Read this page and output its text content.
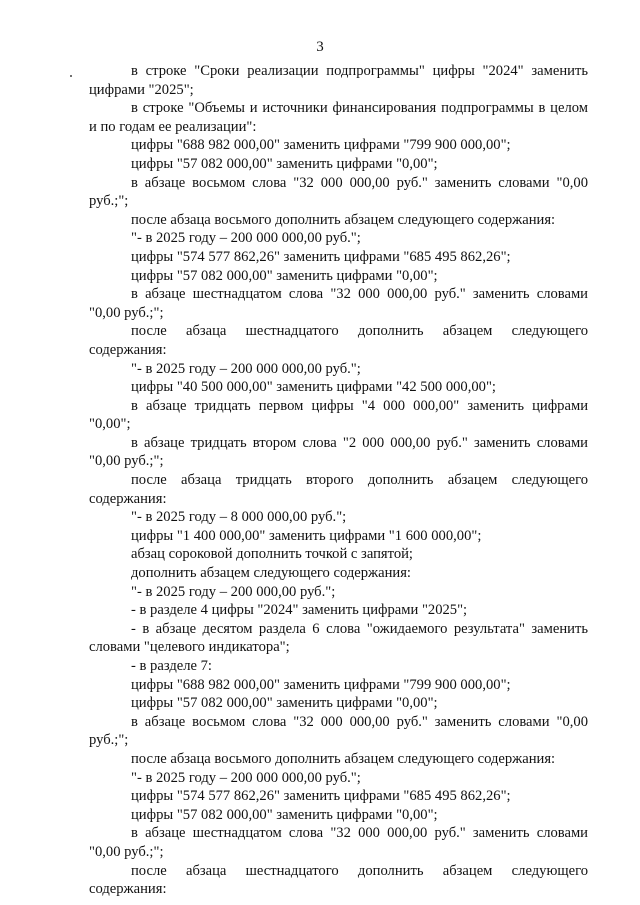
3

в строке "Сроки реализации подпрограммы" цифры "2024" заменить цифрами "2025";

в строке "Объемы и источники финансирования подпрограммы в целом и по годам ее реализации":

цифры "688 982 000,00" заменить цифрами "799 900 000,00";

цифры "57 082 000,00" заменить цифрами "0,00";

в абзаце восьмом слова "32 000 000,00 руб." заменить словами "0,00 руб.;";

после абзаца восьмого дополнить абзацем следующего содержания:

"- в 2025 году – 200 000 000,00 руб.";

цифры "574 577 862,26" заменить цифрами "685 495 862,26";

цифры "57 082 000,00" заменить цифрами "0,00";

в абзаце шестнадцатом слова "32 000 000,00 руб." заменить словами "0,00 руб.;";

после абзаца шестнадцатого дополнить абзацем следующего содержания:

"- в 2025 году – 200 000 000,00 руб.";

цифры "40 500 000,00" заменить цифрами "42 500 000,00";

в абзаце тридцать первом цифры "4 000 000,00" заменить цифрами "0,00";

в абзаце тридцать втором слова "2 000 000,00 руб." заменить словами "0,00 руб.;";

после абзаца тридцать второго дополнить абзацем следующего содержания:

"- в 2025 году – 8 000 000,00 руб.";

цифры "1 400 000,00" заменить цифрами "1 600 000,00";

абзац сороковой дополнить точкой с запятой;

дополнить абзацем следующего содержания:

"- в 2025 году – 200 000,00 руб.";

- в разделе 4 цифры "2024" заменить цифрами "2025";

- в абзаце десятом раздела 6 слова "ожидаемого результата" заменить словами "целевого индикатора";

- в разделе 7:

цифры "688 982 000,00" заменить цифрами "799 900 000,00";

цифры "57 082 000,00" заменить цифрами "0,00";

в абзаце восьмом слова "32 000 000,00 руб." заменить словами "0,00 руб.;";

после абзаца восьмого дополнить абзацем следующего содержания:

"- в 2025 году – 200 000 000,00 руб.";

цифры "574 577 862,26" заменить цифрами "685 495 862,26";

цифры "57 082 000,00" заменить цифрами "0,00";

в абзаце шестнадцатом слова "32 000 000,00 руб." заменить словами "0,00 руб.;";

после абзаца шестнадцатого дополнить абзацем следующего содержания:
